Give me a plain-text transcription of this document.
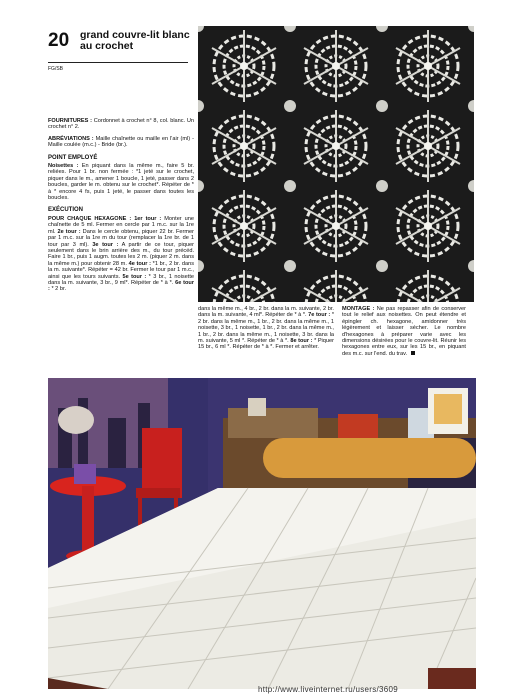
20 grand couvre-lit blanc au crochet
FG/SB
FOURNITURES : Cordonnet à crochet n° 8, col. blanc. Un crochet n° 2.
ABRÉVIATIONS : Maille chaînette ou maille en l'air (ml) - Maille coulée (m.c.) - Bride (br.).
POINT EMPLOYÉ
Noisettes : En piquant dans la même m., faire 5 br. reliées. Pour 1 br. non fermée : *1 jeté sur le crochet, piquer dans le m., amener 1 boucle, 1 jeté, passer dans 2 boucles, garder le m. obtenu sur le crochet*. Répéter de * à * encore 4 fs, puis 1 jeté, le passer dans toutes les boucles.
EXÉCUTION
POUR CHAQUE HEXAGONE : 1er tour : Monter une chaînette de 5 ml. Fermer en cercle par 1 m.c. sur la 1re ml. 2e tour : Dans le cercle obtenu, piquer 22 br. Fermer par 1 m.c. sur la 1re m du tour (remplacer la 1re br. de 1 tour par 3 ml). 3e tour : A partir de ce tour, piquer seulement dans le brin arrière des m., du tour précéd. Faire 1 br., puis 1 augm. toutes les 2 m. (piquer 2 m. dans la même m.) pour obtenir 28 m. 4e tour : *1 br., 2 br. dans la m. suivante*. Répéter = 42 br. Fermer le tour par 1 m.c., ainsi que les tours suivants. 5e tour : * 3 br., 1 noisette dans la m. suivante, 3 br., 9 ml*. Répéter de * à *. 6e tour : * 2 br.
dans la même m., 4 br., 2 br. dans la m. suivante, 2 br. dans la m. suivante, 4 ml*. Répéter de * à *. 7e tour : * 2 br. dans la même m., 1 br., 2 br. dans la même m., 1 noisette, 3 br., 1 noisette, 1 br., 2 br. dans la même m., 1 br., 2 br. dans la même m., 1 noisette, 3 br. dans la m. suivante, 5 ml *. Répéter de * à *. 8e tour : * Piquer 15 br., 6 ml *. Répéter de * à *. Fermer et arrêter.
MONTAGE : Ne pas repasser afin de conserver tout le relief aux noisettes. On peut étendre et épingler ch. hexagone, amidonner très légèrement et laisser sécher. Le nombre d'hexagones à préparer varie avec les dimensions désirées pour le couvre-lit. Réunir les hexagones entre eux, sur les 15 br., en piquant des m.c. sur l'end. du trav.
http://www.liveinternet.ru/users/3609
